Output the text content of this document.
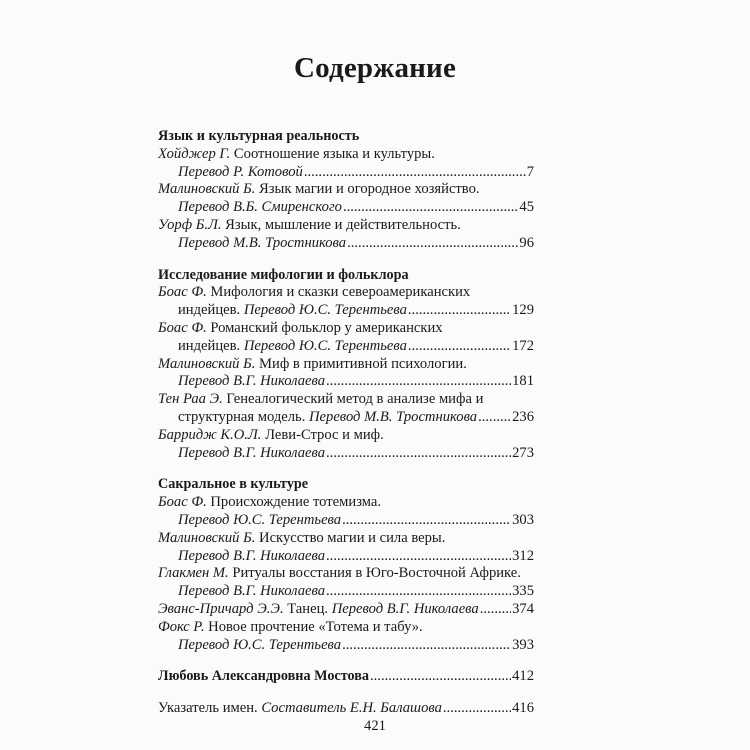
Содержание
Язык и культурная реальность
Хойджер Г. Соотношение языка и культуры.
Перевод Р. Котовой .....	7
Малиновский Б. Язык магии и огородное хозяйство.
Перевод В.Б. Смиренского .....	45
Уорф Б.Л. Язык, мышление и действительность.
Перевод М.В. Тростникова .....	96
Исследование мифологии и фольклора
Боас Ф. Мифология и сказки североамериканских
индейцев. Перевод Ю.С. Терентьева .....	129
Боас Ф. Романский фольклор у американских
индейцев. Перевод Ю.С. Терентьева .....	172
Малиновский Б. Миф в примитивной психологии.
Перевод В.Г. Николаева .....	181
Тен Раа Э. Генеалогический метод в анализе мифа и
структурная модель. Перевод М.В. Тростникова ..... 236
Барридж К.О.Л. Леви-Строс и миф.
Перевод В.Г. Николаева .....	273
Сакральное в культуре
Боас Ф. Происхождение тотемизма.
Перевод Ю.С. Терентьева .....	303
Малиновский Б. Искусство магии и сила веры.
Перевод В.Г. Николаева .....	312
Глакмен М. Ритуалы восстания в Юго-Восточной Африке.
Перевод В.Г. Николаева .....	335
Эванс-Причард Э.Э. Танец. Перевод В.Г. Николаева ..... 374
Фокс Р. Новое прочтение «Тотема и табу».
Перевод Ю.С. Терентьева .....	393
Любовь Александровна Мостова .....	412
Указатель имен. Составитель Е.Н. Балашова .....	416
421
